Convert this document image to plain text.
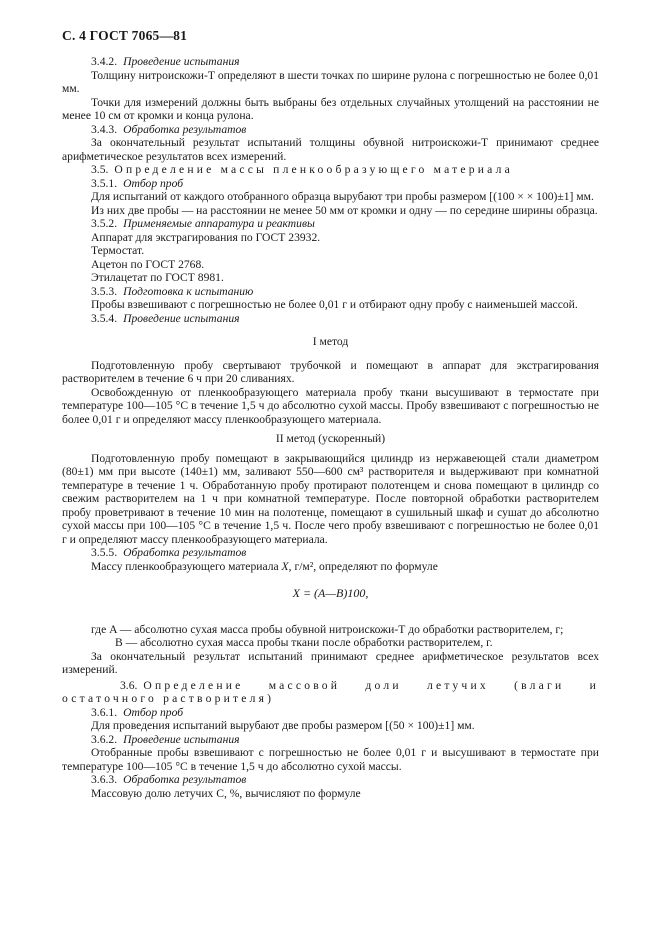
С. 4 ГОСТ 7065—81

3.4.2. Проведение испытания

Толщину нитроискожи-Т определяют в шести точках по ширине рулона с погрешностью не более 0,01 мм.

Точки для измерений должны быть выбраны без отдельных случайных утолщений на расстоянии не менее 10 см от кромки и конца рулона.

3.4.3. Обработка результатов

За окончательный результат испытаний толщины обувной нитроискожи-Т принимают среднее арифметическое результатов всех измерений.

3.5. Определение массы пленкообразующего материала

3.5.1. Отбор проб

Для испытаний от каждого отобранного образца вырубают три пробы размером [(100 × × 100)±1] мм.

Из них две пробы — на расстоянии не менее 50 мм от кромки и одну — по середине ширины образца.

3.5.2. Применяемые аппаратура и реактивы

Аппарат для экстрагирования по ГОСТ 23932.

Термостат.

Ацетон по ГОСТ 2768.

Этилацетат по ГОСТ 8981.

3.5.3. Подготовка к испытанию

Пробы взвешивают с погрешностью не более 0,01 г и отбирают одну пробу с наименьшей массой.

3.5.4. Проведение испытания

I метод

Подготовленную пробу свертывают трубочкой и помещают в аппарат для экстрагирования растворителем в течение 6 ч при 20 сливаниях.

Освобожденную от пленкообразующего материала пробу ткани высушивают в термостате при температуре 100—105 °С в течение 1,5 ч до абсолютно сухой массы. Пробу взвешивают с погрешностью не более 0,01 г и определяют массу пленкообразующего материала.

II метод (ускоренный)

Подготовленную пробу помещают в закрывающийся цилиндр из нержавеющей стали диаметром (80±1) мм при высоте (140±1) мм, заливают 550—600 см³ растворителя и выдерживают при комнатной температуре в течение 1 ч. Обработанную пробу протирают полотенцем и снова помещают в цилиндр со свежим растворителем на 1 ч при комнатной температуре. После повторной обработки растворителем пробу проветривают в течение 10 мин на полотенце, помещают в сушильный шкаф и сушат до абсолютно сухой массы при 100—105 °С в течение 1,5 ч. После чего пробу взвешивают с погрешностью не более 0,01 г и определяют массу пленкообразующего материала.

3.5.5. Обработка результатов

Массу пленкообразующего материала X, г/м², определяют по формуле

X = (A—B)100,

где A — абсолютно сухая масса пробы обувной нитроискожи-Т до обработки растворителем, г;

B — абсолютно сухая масса пробы ткани после обработки растворителем, г.

За окончательный результат испытаний принимают среднее арифметическое результатов всех измерений.

3.6. Определение массовой доли летучих (влаги и остаточного растворителя)

3.6.1. Отбор проб

Для проведения испытаний вырубают две пробы размером [(50 × 100)±1] мм.

3.6.2. Проведение испытания

Отобранные пробы взвешивают с погрешностью не более 0,01 г и высушивают в термостате при температуре 100—105 °С в течение 1,5 ч до абсолютно сухой массы.

3.6.3. Обработка результатов

Массовую долю летучих C, %, вычисляют по формуле
